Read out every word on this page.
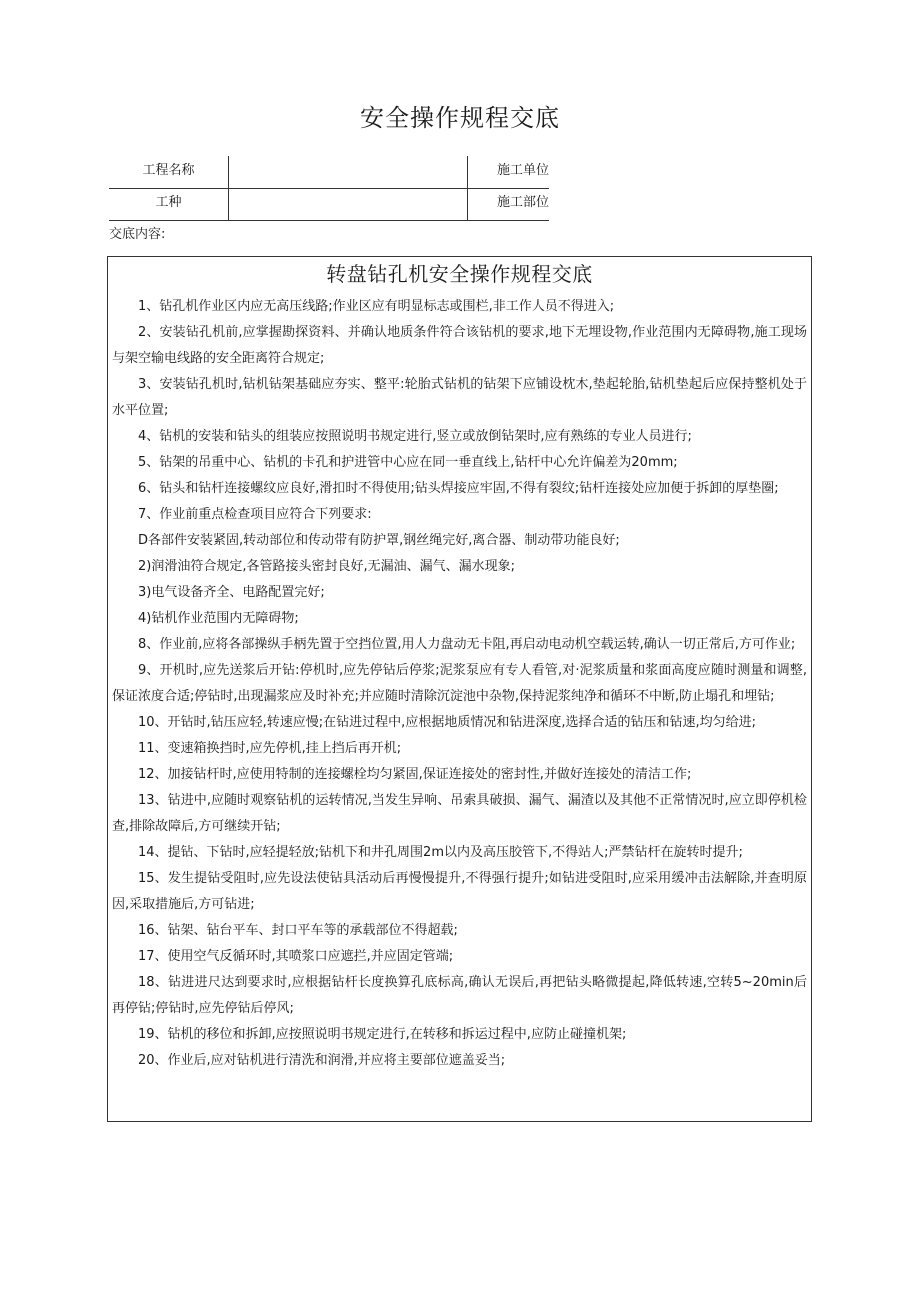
安全操作规程交底
工程名称	施工单位
工种	施工部位
交底内容:
转盘钻孔机安全操作规程交底

1、钻孔机作业区内应无高压线路;作业区应有明显标志或围栏,非工作人员不得进入;

2、安装钻孔机前,应掌握勘探资料、并确认地质条件符合该钻机的要求,地下无埋设物,作业范围内无障碍物,施工现场与架空输电线路的安全距离符合规定;

3、安装钻孔机时,钻机钻架基础应夯实、整平:轮胎式钻机的钻架下应铺设枕木,垫起轮胎,钻机垫起后应保持整机处于水平位置;

4、钻机的安装和钻头的组装应按照说明书规定进行,竖立或放倒钻架时,应有熟练的专业人员进行;

5、钻架的吊重中心、钻机的卡孔和护进管中心应在同一垂直线上,钻杆中心允许偏差为20mm;

6、钻头和钻杆连接螺纹应良好,滑扣时不得使用;钻头焊接应牢固,不得有裂纹;钻杆连接处应加便于拆卸的厚垫圈;

7、作业前重点检查项目应符合下列要求:

D各部件安装紧固,转动部位和传动带有防护罩,钢丝绳完好,离合器、制动带功能良好;

2)润滑油符合规定,各管路接头密封良好,无漏油、漏气、漏水现象;

3)电气设备齐全、电路配置完好;

4)钻机作业范围内无障碍物;

8、作业前,应将各部操纵手柄先置于空挡位置,用人力盘动无卡阻,再启动电动机空载运转,确认一切正常后,方可作业;

9、开机时,应先送浆后开钻:停机时,应先停钻后停浆;泥浆泵应有专人看管,对·泥浆质量和浆面高度应随时测量和调整,保证浓度合适;停钻时,出现漏浆应及时补充;并应随时清除沉淀池中杂物,保持泥浆纯净和循环不中断,防止塌孔和埋钻;

10、开钻时,钻压应轻,转速应慢;在钻进过程中,应根据地质情况和钻进深度,选择合适的钻压和钻速,均匀给进;

11、变速箱换挡时,应先停机,挂上挡后再开机;

12、加接钻杆时,应使用特制的连接螺栓均匀紧固,保证连接处的密封性,并做好连接处的清洁工作;

13、钻进中,应随时观察钻机的运转情况,当发生异响、吊索具破损、漏气、漏渣以及其他不正常情况时,应立即停机检查,排除故障后,方可继续开钻;

14、提钻、下钻时,应轻提轻放;钻机下和井孔周围2m以内及高压胶管下,不得站人;严禁钻杆在旋转时提升;

15、发生提钻受阻时,应先设法使钻具活动后再慢慢提升,不得强行提升;如钻进受阻时,应采用缓冲击法解除,并查明原因,采取措施后,方可钻进;

16、钻架、钻台平车、封口平车等的承载部位不得超载;

17、使用空气反循环时,其喷浆口应遮拦,并应固定管端;

18、钻进进尺达到要求时,应根据钻杆长度换算孔底标高,确认无误后,再把钻头略微提起,降低转速,空转5~20min后再停钻;停钻时,应先停钻后停风;

19、钻机的移位和拆卸,应按照说明书规定进行,在转移和拆运过程中,应防止碰撞机架;

20、作业后,应对钻机进行清洗和润滑,并应将主要部位遮盖妥当;
